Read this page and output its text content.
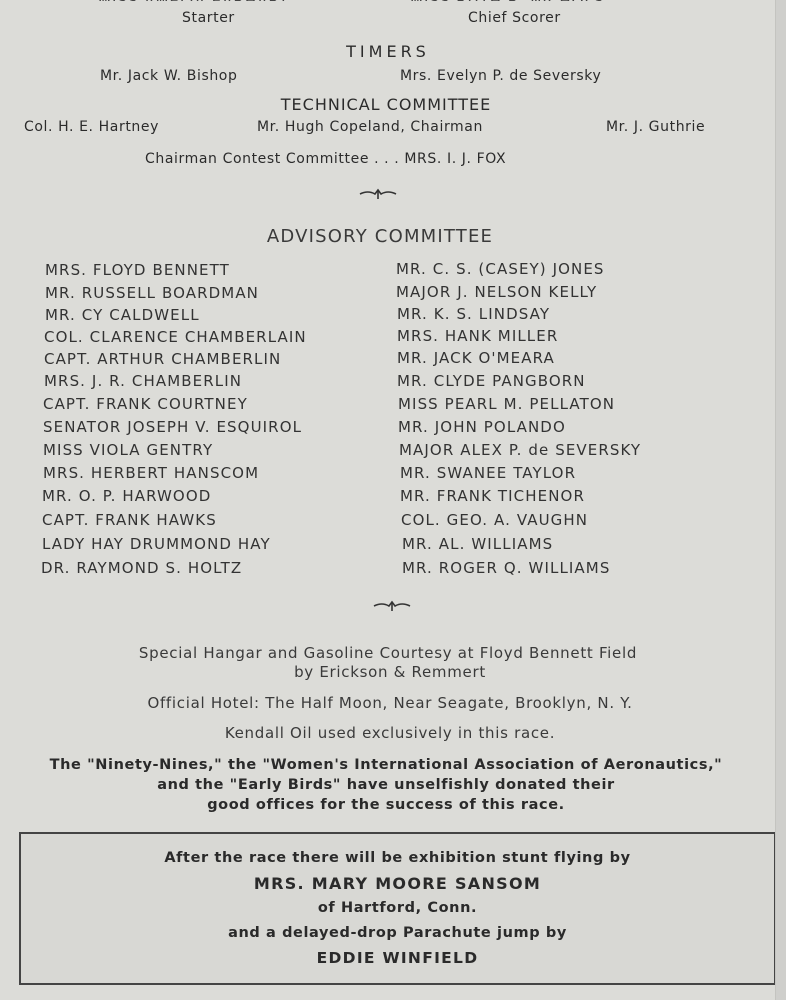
Starter	Chief Scorer
TIMERS
Mr. Jack W. Bishop	Mrs. Evelyn P. de Seversky
TECHNICAL COMMITTEE
Col. H. E. Hartney	Mr. Hugh Copeland, Chairman	Mr. J. Guthrie
Chairman Contest Committee . . . MRS. I. J. FOX
ADVISORY COMMITTEE
MRS. FLOYD BENNETT
MR. RUSSELL BOARDMAN
MR. CY CALDWELL
COL. CLARENCE CHAMBERLAIN
CAPT. ARTHUR CHAMBERLIN
MRS. J. R. CHAMBERLIN
CAPT. FRANK COURTNEY
SENATOR JOSEPH V. ESQUIROL
MISS VIOLA GENTRY
MRS. HERBERT HANSCOM
MR. O. P. HARWOOD
CAPT. FRANK HAWKS
LADY HAY DRUMMOND HAY
DR. RAYMOND S. HOLTZ
MR. C. S. (CASEY) JONES
MAJOR J. NELSON KELLY
MR. K. S. LINDSAY
MRS. HANK MILLER
MR. JACK O'MEARA
MR. CLYDE PANGBORN
MISS PEARL M. PELLATON
MR. JOHN POLANDO
MAJOR ALEX P. de SEVERSKY
MR. SWANEE TAYLOR
MR. FRANK TICHENOR
COL. GEO. A. VAUGHN
MR. AL. WILLIAMS
MR. ROGER Q. WILLIAMS
Special Hangar and Gasoline Courtesy at Floyd Bennett Field
by Erickson & Remmert
Official Hotel: The Half Moon, Near Seagate, Brooklyn, N. Y.
Kendall Oil used exclusively in this race.
The "Ninety-Nines," the "Women's International Association of Aeronautics,"
and the "Early Birds" have unselfishly donated their
good offices for the success of this race.
After the race there will be exhibition stunt flying by
MRS. MARY MOORE SANSOM
of Hartford, Conn.
and a delayed-drop Parachute jump by
EDDIE WINFIELD
